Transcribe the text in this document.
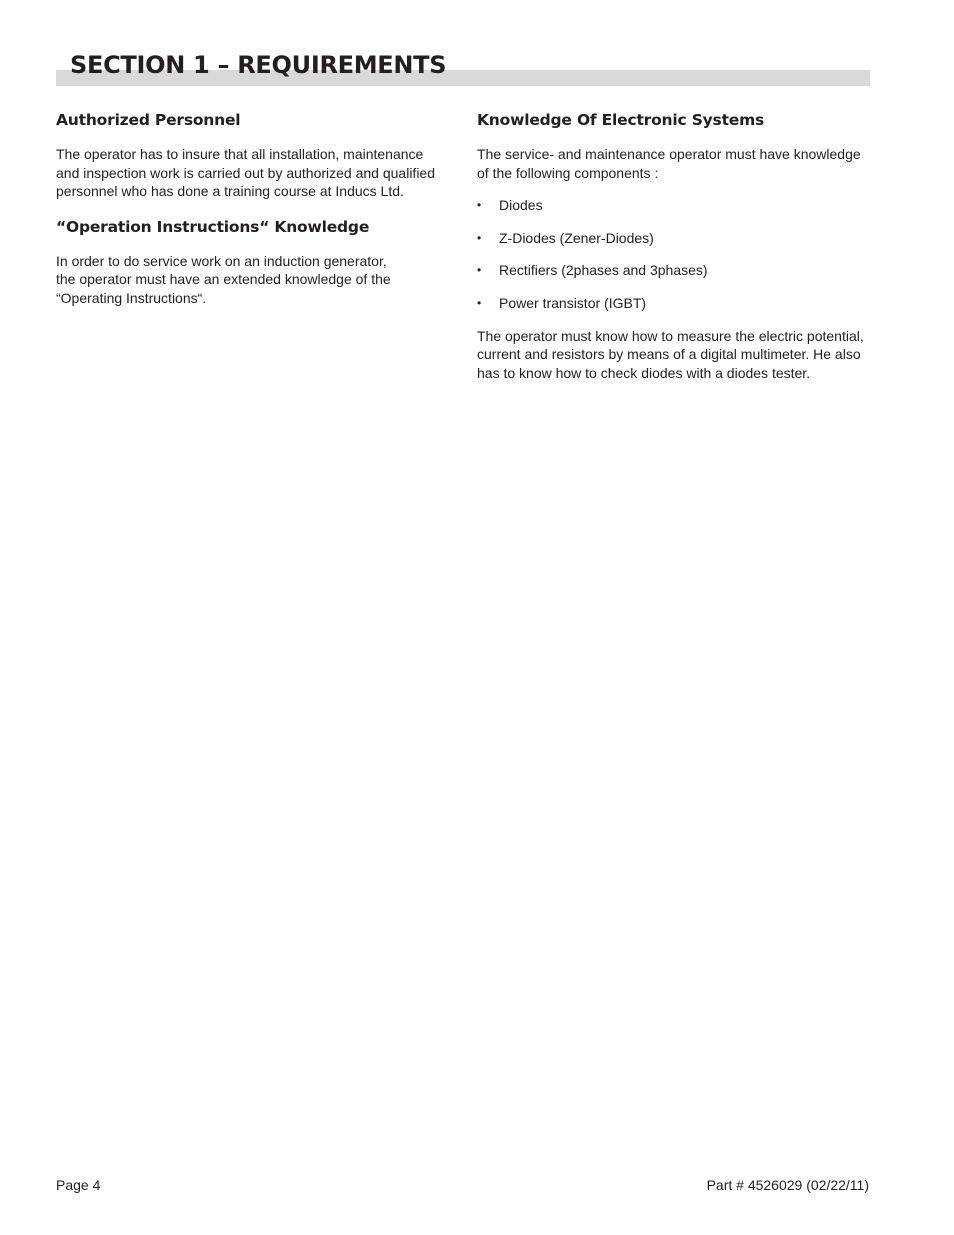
SECTION 1 – REQUIREMENTS
Authorized Personnel

The operator has to insure that all installation, maintenance and inspection work is carried out by authorized and qualified personnel who has done a training course at Inducs Ltd.

“Operation Instructions“ Knowledge

In order to do service work on an induction generator,
the operator must have an extended knowledge of the
“Operating Instructions“.

Knowledge Of Electronic Systems

The service- and maintenance operator must have knowledge of the following components :

• Diodes
• Z-Diodes (Zener-Diodes)
• Rectifiers (2phases and 3phases)
• Power transistor (IGBT)

The operator must know how to measure the electric potential, current and resistors by means of a digital multimeter. He also has to know how to check diodes with a diodes tester.

Page 4	Part # 4526029 (02/22/11)
